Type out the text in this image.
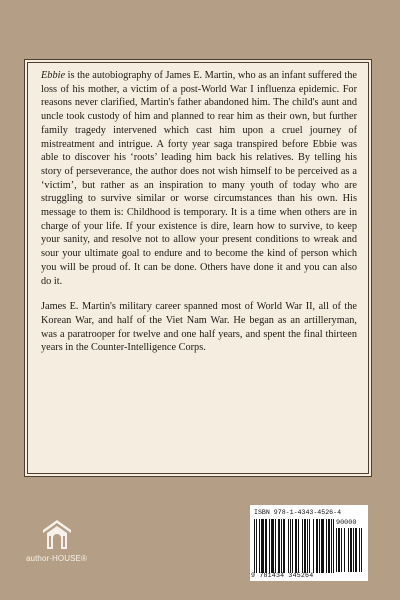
Ebbie is the autobiography of James E. Martin, who as an infant suffered the loss of his mother, a victim of a post-World War I influenza epidemic. For reasons never clarified, Martin's father abandoned him. The child's aunt and uncle took custody of him and planned to rear him as their own, but further family tragedy intervened which cast him upon a cruel journey of mistreatment and intrigue. A forty year saga transpired before Ebbie was able to discover his ‘roots’ leading him back his relatives. By telling his story of perseverance, the author does not wish himself to be perceived as a ‘victim’, but rather as an inspiration to many youth of today who are struggling to survive similar or worse circumstances than his own. His message to them is: Childhood is temporary. It is a time when others are in charge of your life. If your existence is dire, learn how to survive, to keep your sanity, and resolve not to allow your present conditions to wreak and sour your ultimate goal to endure and to become the kind of person which you will be proud of. It can be done. Others have done it and you can also do it.

James E. Martin's military career spanned most of World War II, all of the Korean War, and half of the Viet Nam War. He began as an artilleryman, was a paratrooper for twelve and one half years, and spent the final thirteen years in the Counter-Intelligence Corps.

author·HOUSE®
ISBN 978-1-4343-4526-4
90000
9 781434 345264
